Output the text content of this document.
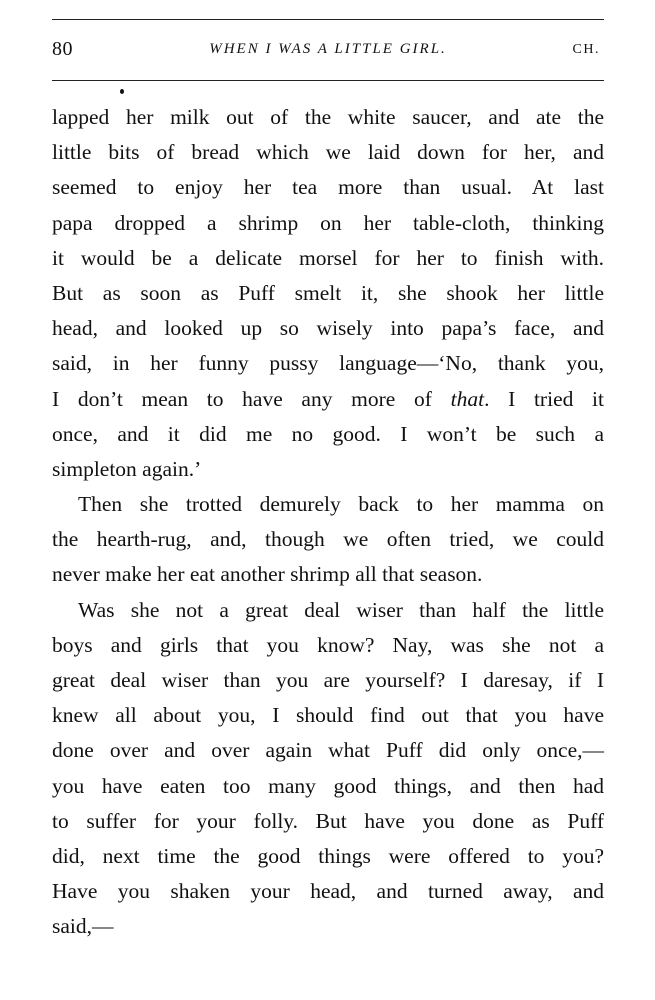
80	WHEN I WAS A LITTLE GIRL.	CH.
lapped her milk out of the white saucer, and ate the
little bits of bread which we laid down for her, and
seemed to enjoy her tea more than usual. At last
papa dropped a shrimp on her table-cloth, thinking
it would be a delicate morsel for her to finish with.
But as soon as Puff smelt it, she shook her little
head, and looked up so wisely into papa’s face, and
said, in her funny pussy language—‘No, thank you,
I don’t mean to have any more of that. I tried it
once, and it did me no good. I won’t be such a
simpleton again.’
Then she trotted demurely back to her mamma on
the hearth-rug, and, though we often tried, we could
never make her eat another shrimp all that season.
Was she not a great deal wiser than half the little
boys and girls that you know? Nay, was she not a
great deal wiser than you are yourself? I daresay, if I
knew all about you, I should find out that you have
done over and over again what Puff did only once,—
you have eaten too many good things, and then had
to suffer for your folly. But have you done as Puff
did, next time the good things were offered to you?
Have you shaken your head, and turned away, and
said,—
